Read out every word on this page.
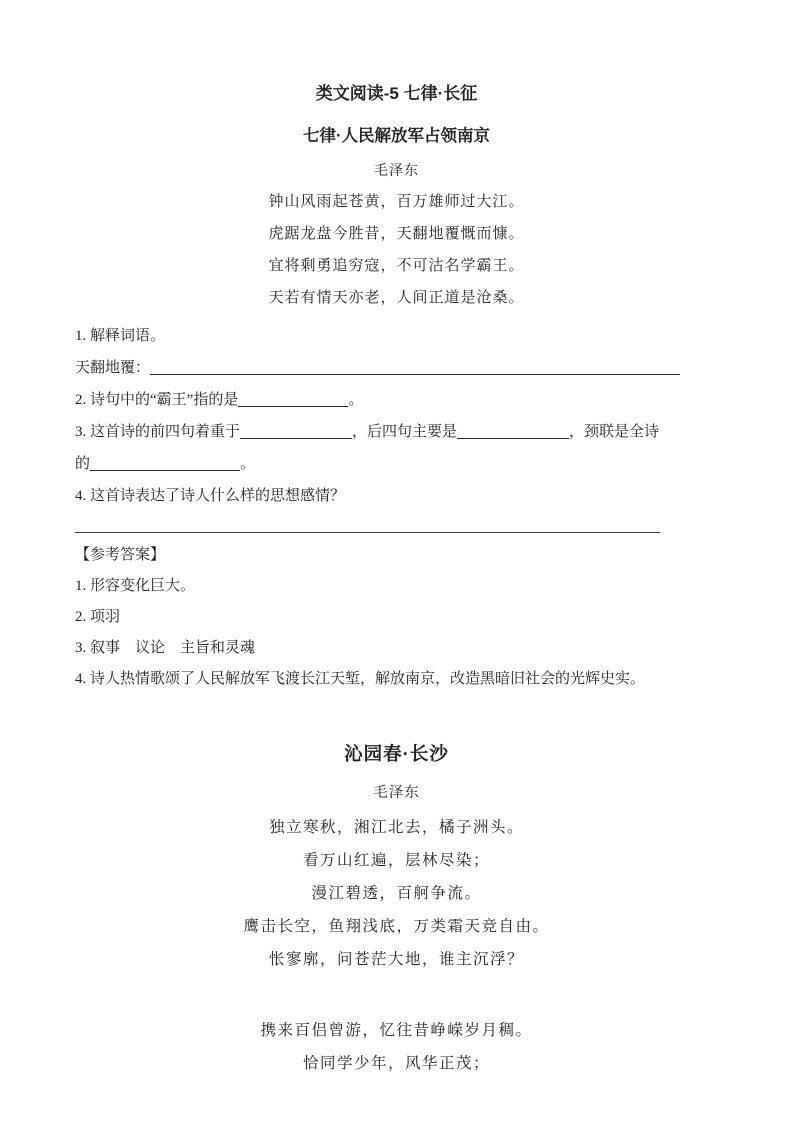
类文阅读-5 七律·长征
七律·人民解放军占领南京

毛泽东

钟山风雨起苍黄，百万雄师过大江。

虎踞龙盘今胜昔，天翻地覆慨而慷。

宜将剩勇追穷寇，不可沽名学霸王。

天若有情天亦老，人间正道是沧桑。

1. 解释词语。
天翻地覆：
2. 诗句中的“霸王”指的是	。
3. 这首诗的前四句着重于	，后四句主要是	，颈联是全诗
的	。
4. 这首诗表达了诗人什么样的思想感情？
【参考答案】
1. 形容变化巨大。
2. 项羽
3. 叙事　议论　主旨和灵魂
4. 诗人热情歌颂了人民解放军飞渡长江天堑，解放南京，改造黑暗旧社会的光辉史实。
沁园春·长沙

毛泽东

独立寒秋，湘江北去，橘子洲头。

看万山红遍，层林尽染；

漫江碧透，百舸争流。

鹰击长空，鱼翔浅底，万类霜天竞自由。

怅寥廓，问苍茫大地，谁主沉浮？

携来百侣曾游，忆往昔峥嵘岁月稠。

恰同学少年，风华正茂；
